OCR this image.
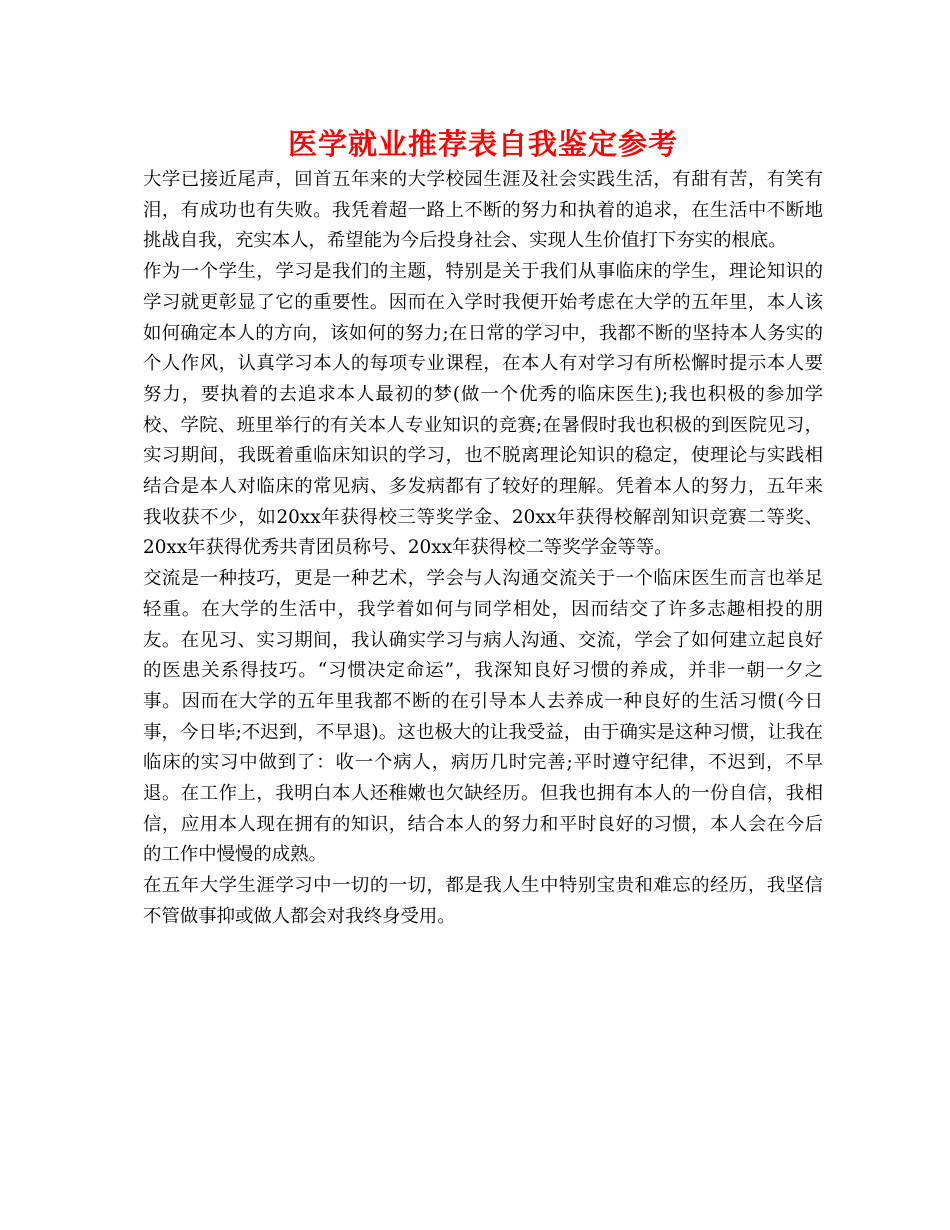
医学就业推荐表自我鉴定参考

大学已接近尾声，回首五年来的大学校园生涯及社会实践生活，有甜有苦，有笑有泪，有成功也有失败。我凭着超一路上不断的努力和执着的追求，在生活中不断地挑战自我，充实本人，希望能为今后投身社会、实现人生价值打下夯实的根底。

作为一个学生，学习是我们的主题，特别是关于我们从事临床的学生，理论知识的学习就更彰显了它的重要性。因而在入学时我便开始考虑在大学的五年里，本人该如何确定本人的方向，该如何的努力;在日常的学习中，我都不断的坚持本人务实的个人作风，认真学习本人的每项专业课程，在本人有对学习有所松懈时提示本人要努力，要执着的去追求本人最初的梦(做一个优秀的临床医生);我也积极的参加学校、学院、班里举行的有关本人专业知识的竞赛;在暑假时我也积极的到医院见习，实习期间，我既着重临床知识的学习，也不脱离理论知识的稳定，使理论与实践相结合是本人对临床的常见病、多发病都有了较好的理解。凭着本人的努力，五年来我收获不少，如20xx年获得校三等奖学金、20xx年获得校解剖知识竞赛二等奖、20xx年获得优秀共青团员称号、20xx年获得校二等奖学金等等。

交流是一种技巧，更是一种艺术，学会与人沟通交流关于一个临床医生而言也举足轻重。在大学的生活中，我学着如何与同学相处，因而结交了许多志趣相投的朋友。在见习、实习期间，我认确实学习与病人沟通、交流，学会了如何建立起良好的医患关系得技巧。“习惯决定命运”，我深知良好习惯的养成，并非一朝一夕之事。因而在大学的五年里我都不断的在引导本人去养成一种良好的生活习惯(今日事，今日毕;不迟到，不早退)。这也极大的让我受益，由于确实是这种习惯，让我在临床的实习中做到了：收一个病人，病历几时完善;平时遵守纪律，不迟到，不早退。在工作上，我明白本人还稚嫩也欠缺经历。但我也拥有本人的一份自信，我相信，应用本人现在拥有的知识，结合本人的努力和平时良好的习惯，本人会在今后的工作中慢慢的成熟。

在五年大学生涯学习中一切的一切，都是我人生中特别宝贵和难忘的经历，我坚信不管做事抑或做人都会对我终身受用。
